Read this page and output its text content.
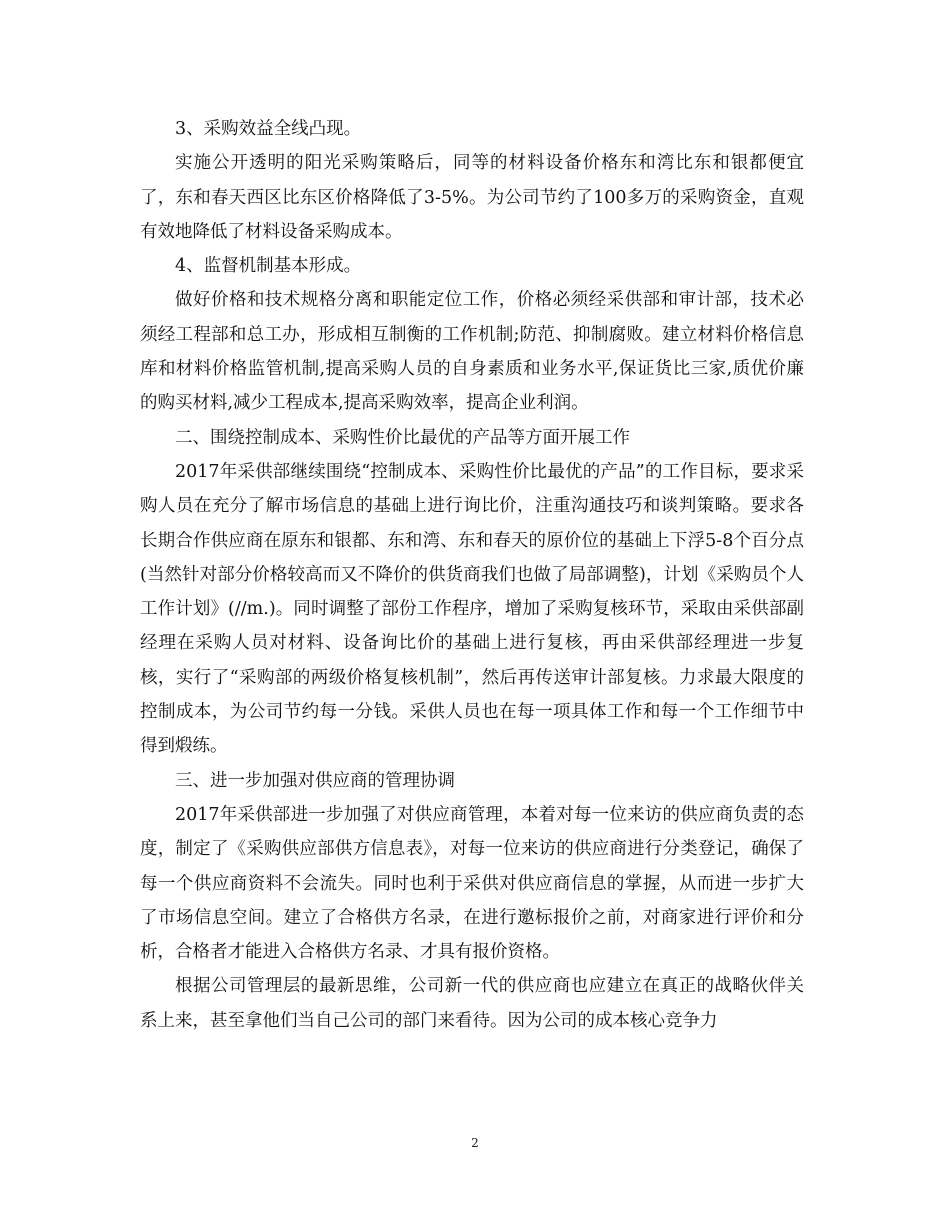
3、采购效益全线凸现。

实施公开透明的阳光采购策略后，同等的材料设备价格东和湾比东和银都便宜了，东和春天西区比东区价格降低了3-5%。为公司节约了100多万的采购资金，直观有效地降低了材料设备采购成本。

4、监督机制基本形成。

做好价格和技术规格分离和职能定位工作，价格必须经采供部和审计部，技术必须经工程部和总工办，形成相互制衡的工作机制;防范、抑制腐败。建立材料价格信息库和材料价格监管机制,提高采购人员的自身素质和业务水平,保证货比三家,质优价廉的购买材料,减少工程成本,提高采购效率，提高企业利润。

二、围绕控制成本、采购性价比最优的产品等方面开展工作

2017年采供部继续围绕“控制成本、采购性价比最优的产品”的工作目标，要求采购人员在充分了解市场信息的基础上进行询比价，注重沟通技巧和谈判策略。要求各长期合作供应商在原东和银都、东和湾、东和春天的原价位的基础上下浮5-8个百分点(当然针对部分价格较高而又不降价的供货商我们也做了局部调整)，计划《采购员个人工作计划》(//m.)。同时调整了部份工作程序，增加了采购复核环节，采取由采供部副经理在采购人员对材料、设备询比价的基础上进行复核，再由采供部经理进一步复核，实行了“采购部的两级价格复核机制”，然后再传送审计部复核。力求最大限度的控制成本，为公司节约每一分钱。采供人员也在每一项具体工作和每一个工作细节中得到煅练。

三、进一步加强对供应商的管理协调

2017年采供部进一步加强了对供应商管理，本着对每一位来访的供应商负责的态度，制定了《采购供应部供方信息表》，对每一位来访的供应商进行分类登记，确保了每一个供应商资料不会流失。同时也利于采供对供应商信息的掌握，从而进一步扩大了市场信息空间。建立了合格供方名录，在进行邀标报价之前，对商家进行评价和分析，合格者才能进入合格供方名录、才具有报价资格。

根据公司管理层的最新思维，公司新一代的供应商也应建立在真正的战略伙伴关系上来，甚至拿他们当自己公司的部门来看待。因为公司的成本核心竞争力

2
